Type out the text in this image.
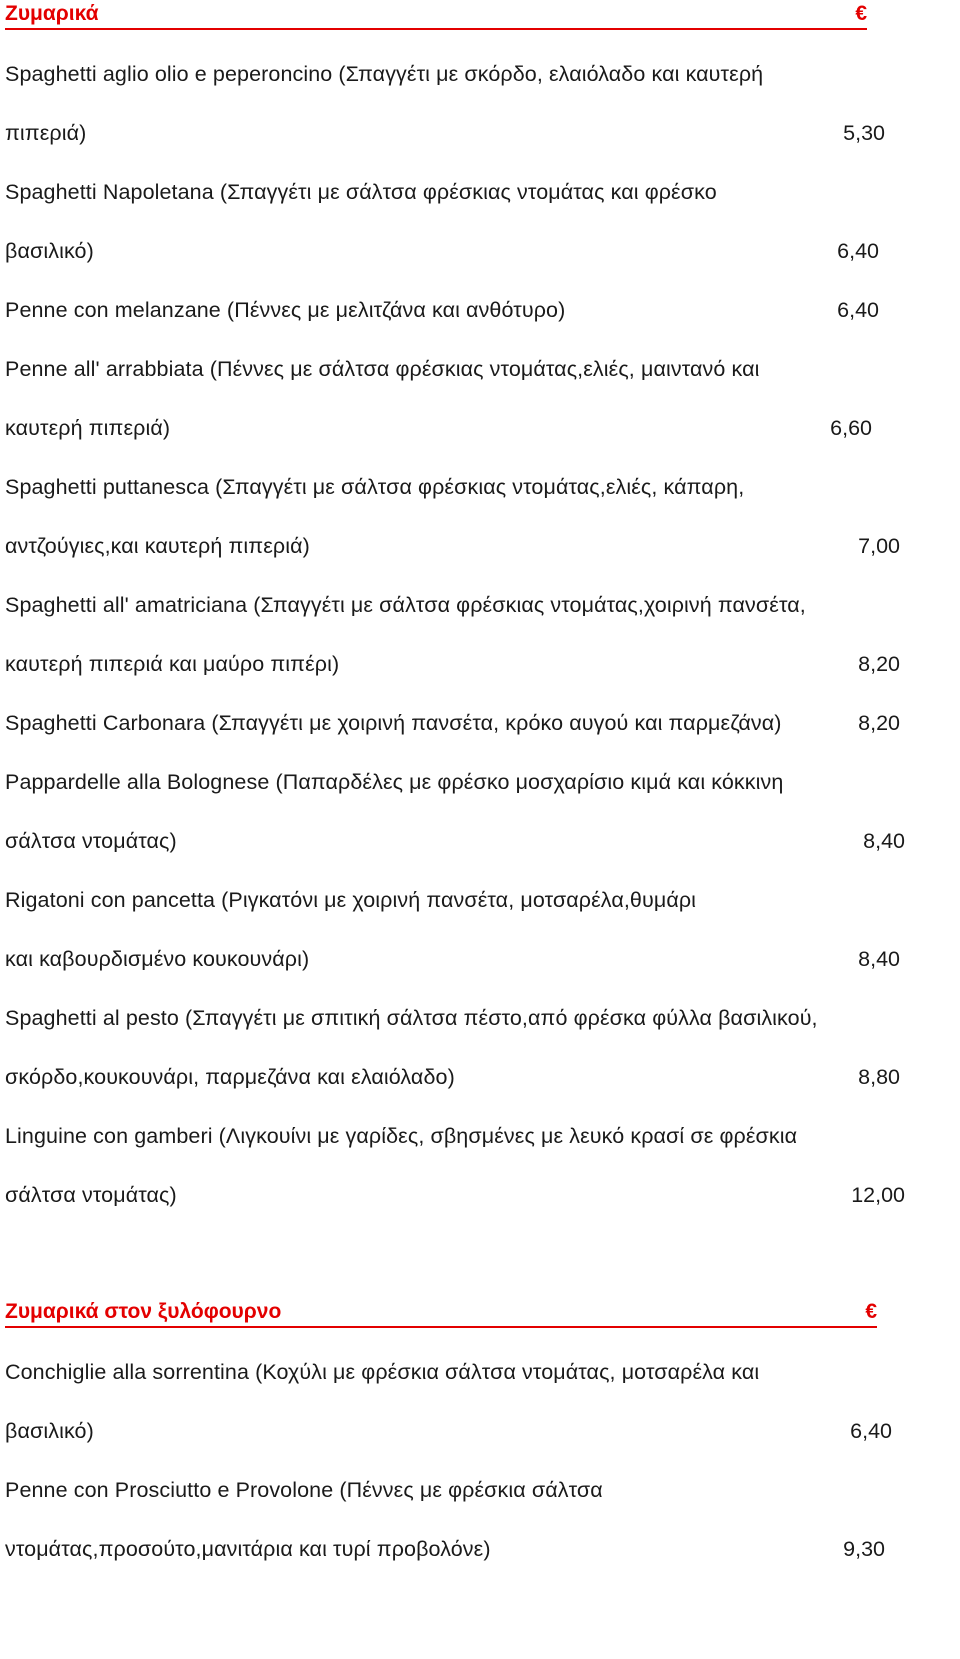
Ζυμαρικά	€
Spaghetti aglio olio e peperoncino (Σπαγγέτι με σκόρδο, ελαιόλαδο και καυτερή
πιπεριά)	5,30
Spaghetti Napoletana (Σπαγγέτι με σάλτσα φρέσκιας ντομάτας και φρέσκο
βασιλικό)	6,40
Penne con melanzane (Πέννες με μελιτζάνα και ανθότυρο)	6,40
Penne all' arrabbiata (Πέννες με σάλτσα φρέσκιας ντομάτας,ελιές, μαιντανό και
καυτερή πιπεριά)	6,60
Spaghetti puttanesca (Σπαγγέτι με σάλτσα φρέσκιας ντομάτας,ελιές, κάπαρη,
αντζούγιες,και καυτερή πιπεριά)	7,00
Spaghetti all' amatriciana (Σπαγγέτι με σάλτσα φρέσκιας ντομάτας,χοιρινή πανσέτα,
καυτερή πιπεριά και μαύρο πιπέρι)	8,20
Spaghetti Carbonara (Σπαγγέτι με χοιρινή πανσέτα, κρόκο αυγού και παρμεζάνα)	8,20
Pappardelle alla Bolognese (Παπαρδέλες με φρέσκο μοσχαρίσιο κιμά και κόκκινη
σάλτσα ντομάτας)	8,40
Rigatoni con pancetta (Ριγκατόνι με χοιρινή πανσέτα, μοτσαρέλα,θυμάρι
και καβουρδισμένο κουκουνάρι)	8,40
Spaghetti al pesto (Σπαγγέτι με σπιτική σάλτσα πέστο,από φρέσκα φύλλα βασιλικού,
σκόρδο,κουκουνάρι, παρμεζάνα και ελαιόλαδο)	8,80
Linguine con gamberi (Λιγκουίνι με γαρίδες, σβησμένες με λευκό κρασί σε φρέσκια
σάλτσα ντομάτας)	12,00
Ζυμαρικά στον ξυλόφουρνο	€
Conchiglie alla sorrentina (Κοχύλι με φρέσκια σάλτσα ντομάτας, μοτσαρέλα και
βασιλικό)	6,40
Penne con Prosciutto e Provolone (Πέννες με φρέσκια σάλτσα
ντομάτας,προσούτο,μανιτάρια και τυρί προβολόνε)	9,30
